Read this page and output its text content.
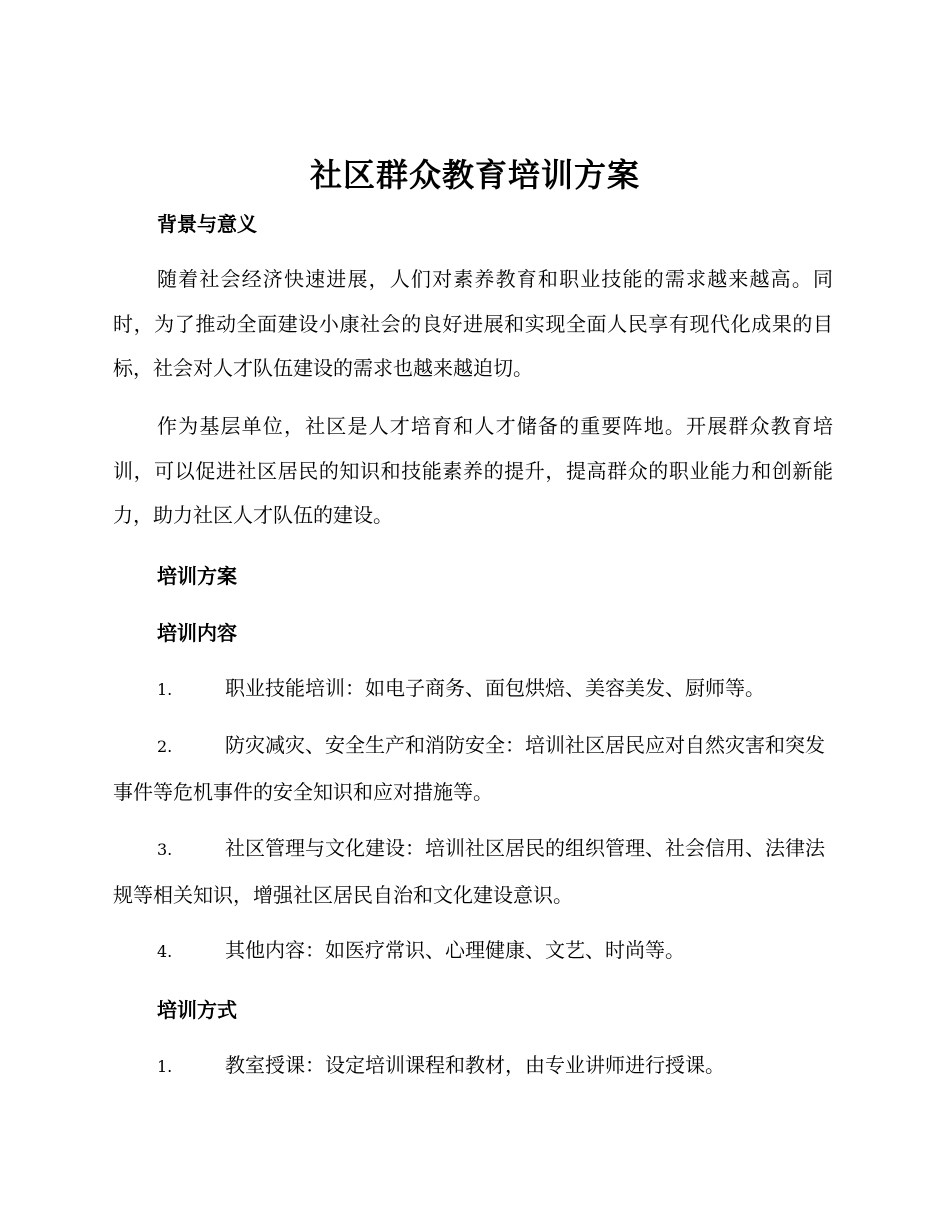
社区群众教育培训方案
背景与意义
随着社会经济快速进展，人们对素养教育和职业技能的需求越来越高。同时，为了推动全面建设小康社会的良好进展和实现全面人民享有现代化成果的目标，社会对人才队伍建设的需求也越来越迫切。
作为基层单位，社区是人才培育和人才储备的重要阵地。开展群众教育培训，可以促进社区居民的知识和技能素养的提升，提高群众的职业能力和创新能力，助力社区人才队伍的建设。
培训方案
培训内容
1.	职业技能培训：如电子商务、面包烘焙、美容美发、厨师等。
2.	防灾减灾、安全生产和消防安全：培训社区居民应对自然灾害和突发事件等危机事件的安全知识和应对措施等。
3.	社区管理与文化建设：培训社区居民的组织管理、社会信用、法律法规等相关知识，增强社区居民自治和文化建设意识。
4.	其他内容：如医疗常识、心理健康、文艺、时尚等。
培训方式
1.	教室授课：设定培训课程和教材，由专业讲师进行授课。
